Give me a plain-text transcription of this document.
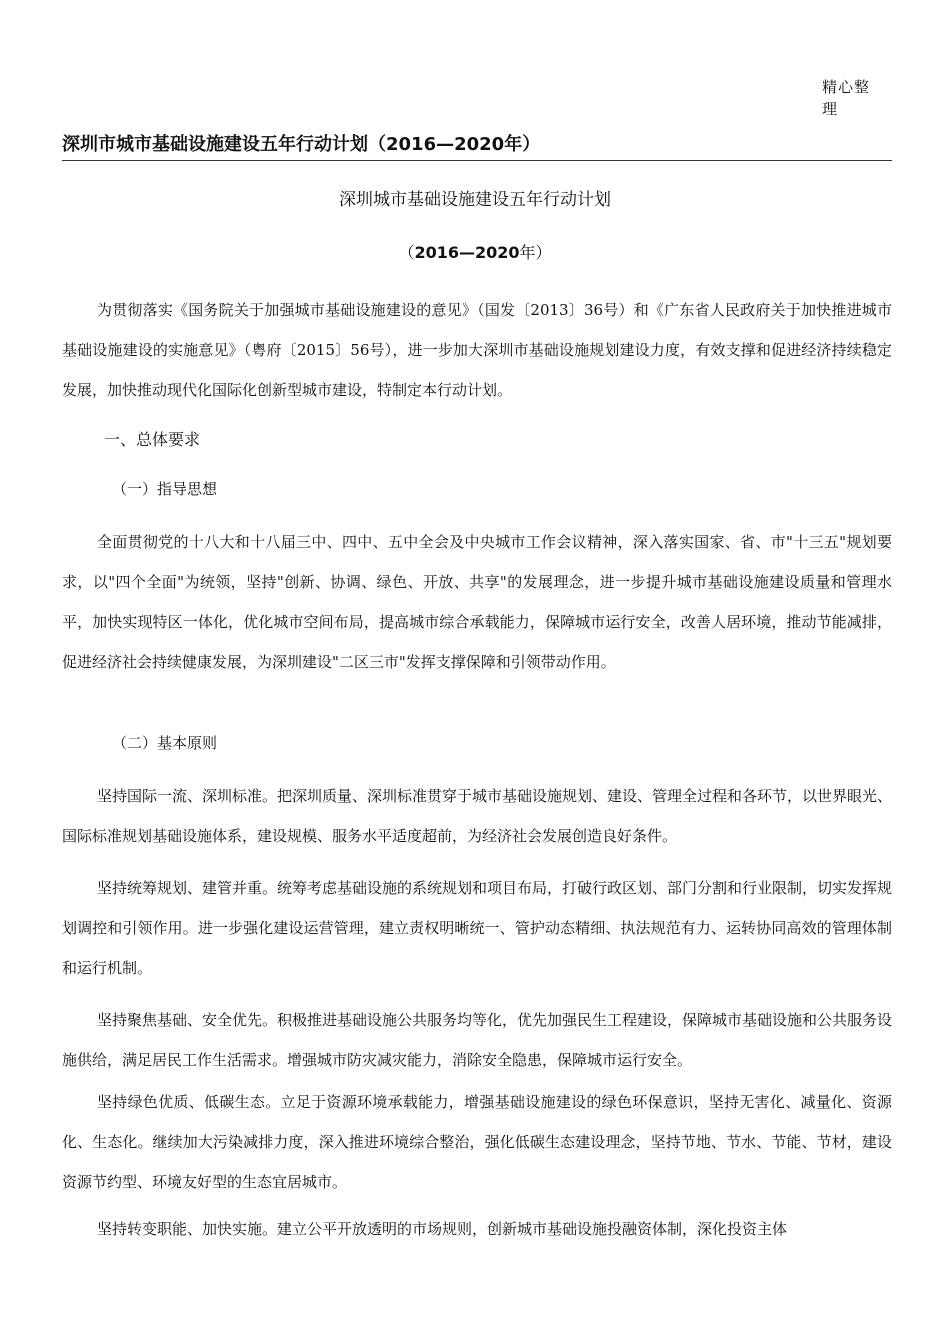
精心整理
深圳市城市基础设施建设五年行动计划（2016—2020年）
深圳城市基础设施建设五年行动计划
（2016—2020年）

为贯彻落实《国务院关于加强城市基础设施建设的意见》（国发〔2013〕36号）和《广东省人民政府关于加快推进城市基础设施建设的实施意见》（粤府〔2015〕56号），进一步加大深圳市基础设施规划建设力度，有效支撑和促进经济持续稳定发展，加快推动现代化国际化创新型城市建设，特制定本行动计划。

一、总体要求

（一）指导思想

全面贯彻党的十八大和十八届三中、四中、五中全会及中央城市工作会议精神，深入落实国家、省、市"十三五"规划要求，以"四个全面"为统领，坚持"创新、协调、绿色、开放、共享"的发展理念，进一步提升城市基础设施建设质量和管理水平，加快实现特区一体化，优化城市空间布局，提高城市综合承载能力，保障城市运行安全，改善人居环境，推动节能减排，促进经济社会持续健康发展，为深圳建设"二区三市"发挥支撑保障和引领带动作用。

（二）基本原则

坚持国际一流、深圳标准。把深圳质量、深圳标准贯穿于城市基础设施规划、建设、管理全过程和各环节，以世界眼光、国际标准规划基础设施体系，建设规模、服务水平适度超前，为经济社会发展创造良好条件。

坚持统筹规划、建管并重。统筹考虑基础设施的系统规划和项目布局，打破行政区划、部门分割和行业限制，切实发挥规划调控和引领作用。进一步强化建设运营管理，建立责权明晰统一、管护动态精细、执法规范有力、运转协同高效的管理体制和运行机制。

坚持聚焦基础、安全优先。积极推进基础设施公共服务均等化，优先加强民生工程建设，保障城市基础设施和公共服务设施供给，满足居民工作生活需求。增强城市防灾减灾能力，消除安全隐患，保障城市运行安全。

坚持绿色优质、低碳生态。立足于资源环境承载能力，增强基础设施建设的绿色环保意识，坚持无害化、减量化、资源化、生态化。继续加大污染减排力度，深入推进环境综合整治，强化低碳生态建设理念，坚持节地、节水、节能、节材，建设资源节约型、环境友好型的生态宜居城市。

坚持转变职能、加快实施。建立公平开放透明的市场规则，创新城市基础设施投融资体制，深化投资主体
